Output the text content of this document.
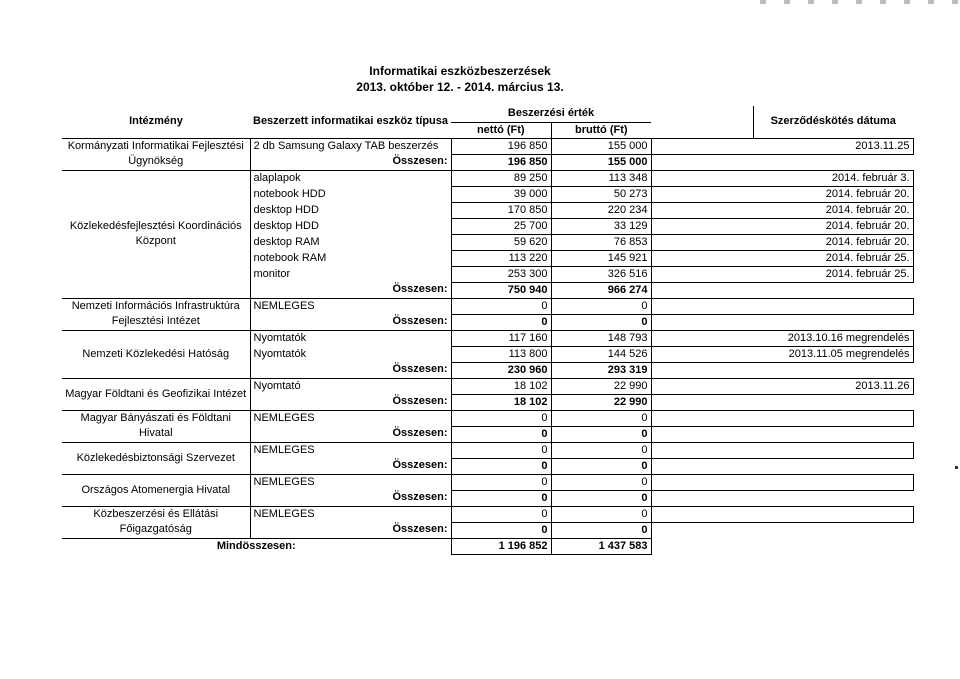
Informatikai eszközbeszerzések
2013. október 12. - 2014. március 13.
Intézmény	Beszerzett informatikai eszköz típusa	Beszerzési érték			Szerződéskötés dátuma
		nettó (Ft)	bruttó (Ft)		
Kormányzati Informatikai Fejlesztési Ügynökség	2 db Samsung Galaxy TAB beszerzés	196 850	155 000	2013.11.25	
	Összesen:	196 850	155 000		
Közlekedésfejlesztési Koordinációs Központ	alaplapok	89 250	113 348	2014. február 3.	
	notebook HDD	39 000	50 273	2014. február 20.	
	desktop HDD	170 850	220 234	2014. február 20.	
	desktop HDD	25 700	33 129	2014. február 20.	
	desktop RAM	59 620	76 853	2014. február 20.	
	notebook RAM	113 220	145 921	2014. február 25.	
	monitor	253 300	326 516	2014. február 25.	
	Összesen:	750 940	966 274		
Nemzeti Információs Infrastruktúra Fejlesztési Intézet	NEMLEGES	0	0		
	Összesen:	0	0		
Nemzeti Közlekedési Hatóság	Nyomtatók	117 160	148 793	2013.10.16 megrendelés	
	Nyomtatók	113 800	144 526	2013.11.05 megrendelés	
	Összesen:	230 960	293 319		
Magyar Földtani és Geofizikai Intézet	Nyomtató	18 102	22 990	2013.11.26	
	Összesen:	18 102	22 990		
Magyar Bányászati és Földtani Hivatal	NEMLEGES	0	0		
	Összesen:	0	0		
Közlekedésbiztonsági Szervezet	NEMLEGES	0	0		
	Összesen:	0	0		
Országos Atomenergia Hivatal	NEMLEGES	0	0		
	Összesen:	0	0		
Közbeszerzési és Ellátási Főigazgatóság	NEMLEGES	0	0		
	Összesen:	0	0		
Mindösszesen:		1 196 852	1 437 583		
